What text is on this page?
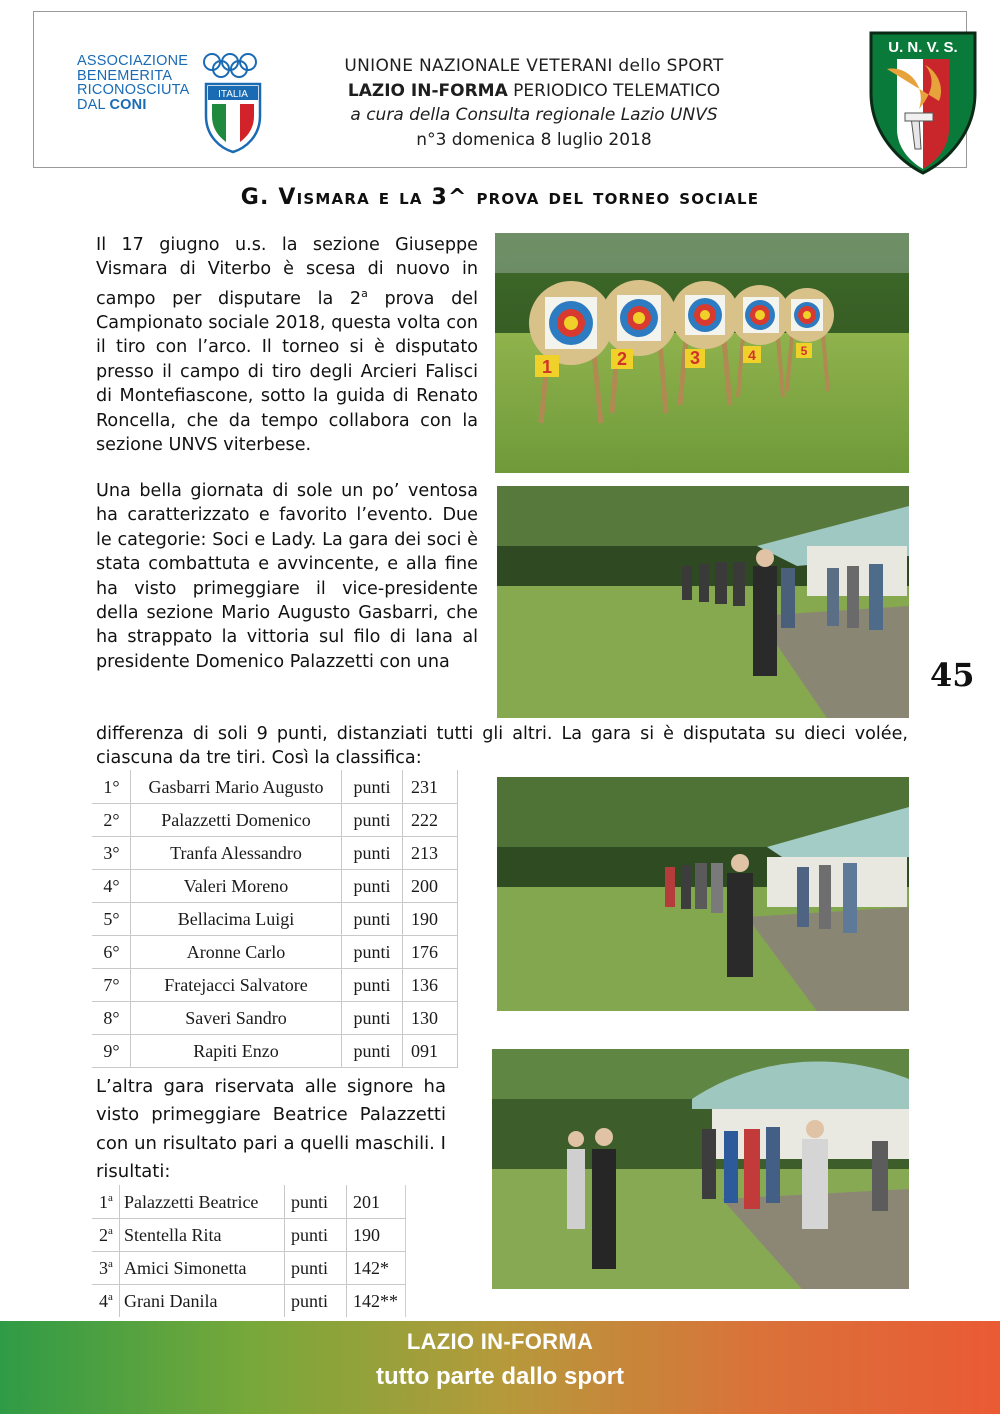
ASSOCIAZIONE
BENEMERITA
RICONOSCIUTA
DAL CONI
ITALIA
UNIONE NAZIONALE VETERANI dello SPORT
LAZIO IN-FORMA PERIODICO TELEMATICO
a cura della Consulta regionale Lazio UNVS
n°3 domenica 8 luglio 2018
U. N. V. S.
G. Vismara e la 3^ prova del torneo sociale
Il 17 giugno u.s. la sezione Giuseppe Vismara di Viterbo è scesa di nuovo in campo per disputare la 2$^a$ prova del Campionato sociale 2018, questa volta con il tiro con l’arco. Il torneo si è disputato presso il campo di tiro degli Arcieri Falisci di Montefiascone, sotto la guida di Renato Roncella, che da tempo collabora con la sezione UNVS viterbese.
Una bella giornata di sole un po’ ventosa ha caratterizzato e favorito l’evento. Due le categorie: Soci e Lady. La gara dei soci è stata combattuta e avvincente, e alla fine ha visto primeggiare il vice-presidente della sezione Mario Augusto Gasbarri, che ha strappato la vittoria sul filo di lana al presidente Domenico Palazzetti con una
differenza di soli 9 punti, distanziati tutti gli altri. La gara si è disputata su dieci volée, ciascuna da tre tiri. Così la classifica:
L’altra gara riservata alle signore ha visto primeggiare Beatrice Palazzetti con un risultato pari a quelli maschili. I risultati:
1	2	3	4	5
45
1°	Gasbarri Mario Augusto	punti	231
2°	Palazzetti Domenico	punti	222
3°	Tranfa Alessandro	punti	213
4°	Valeri Moreno	punti	200
5°	Bellacima Luigi	punti	190
6°	Aronne Carlo	punti	176
7°	Fratejacci Salvatore	punti	136
8°	Saveri Sandro	punti	130
9°	Rapiti Enzo	punti	091
1$^a$	Palazzetti Beatrice	punti	201
2$^a$	Stentella Rita	punti	190
3$^a$	Amici Simonetta	punti	142*
4$^a$	Grani Danila	punti	142**
LAZIO IN-FORMA
tutto parte dallo sport
